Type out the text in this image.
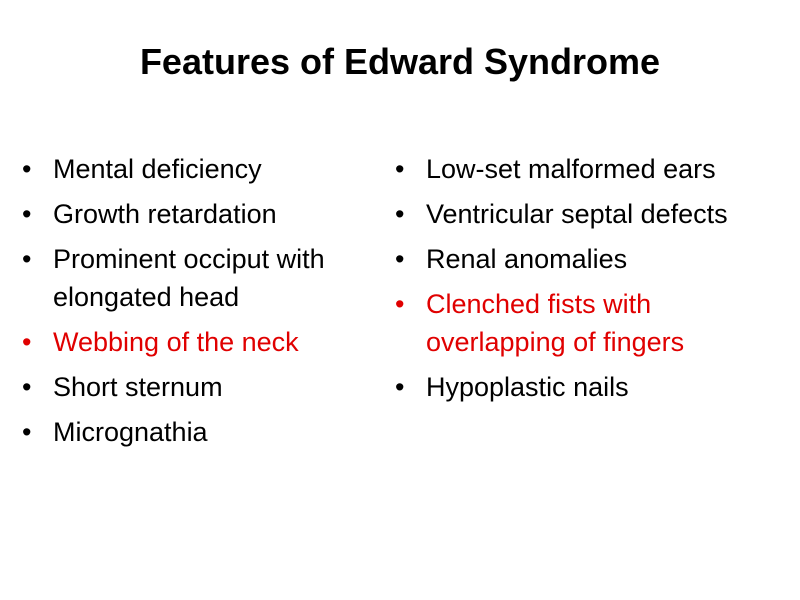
Features of Edward Syndrome
• Mental deficiency
• Growth retardation
• Prominent occiput with elongated head
• Webbing of the neck
• Short sternum
• Micrognathia
• Low-set malformed ears
• Ventricular septal defects
• Renal anomalies
• Clenched fists with overlapping of fingers
• Hypoplastic nails
